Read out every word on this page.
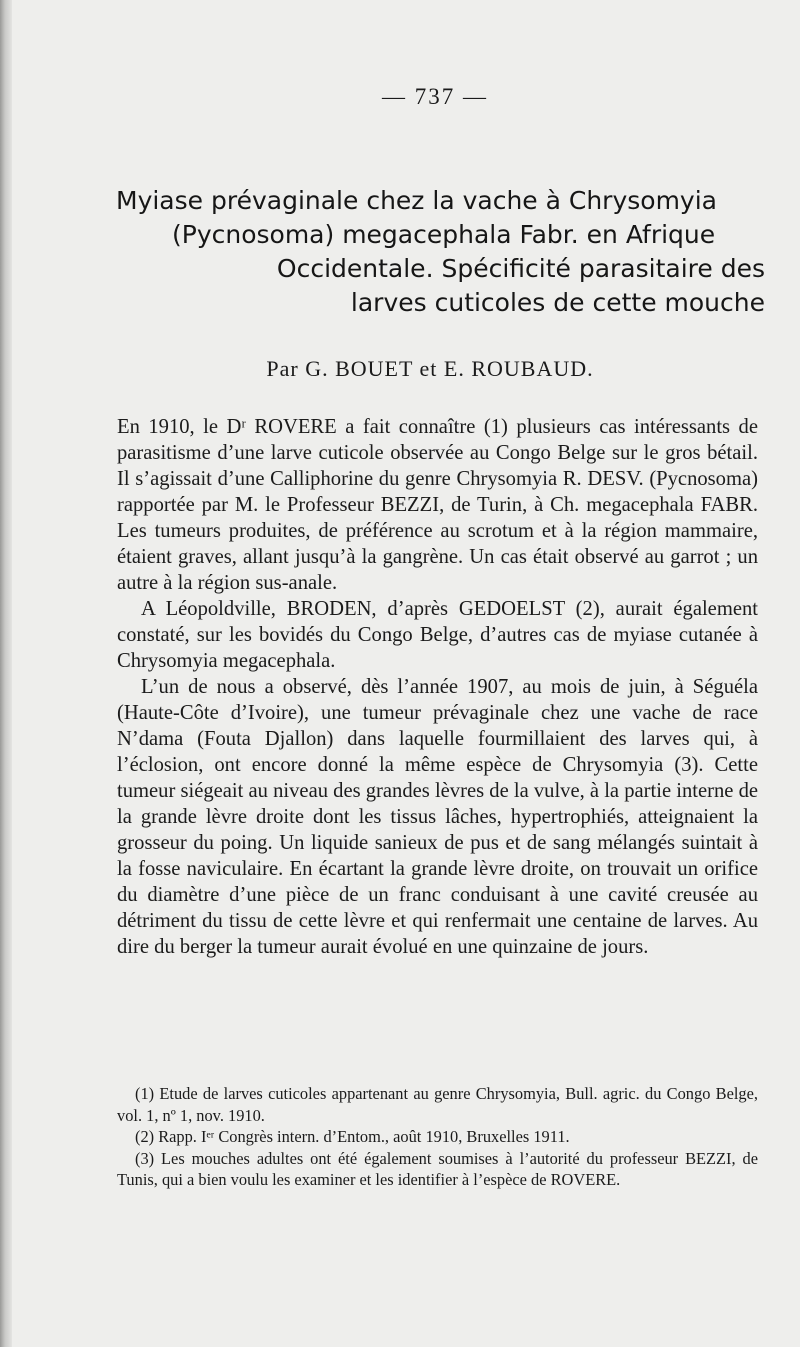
— 737 —
Myiase prévaginale chez la vache à Chrysomyia
(Pycnosoma) megacephala Fabr. en Afrique
Occidentale. Spécificité parasitaire des
larves cuticoles de cette mouche
Par G. BOUET et E. ROUBAUD.

En 1910, le Dʳ ROVERE a fait connaître (1) plusieurs cas intéressants de parasitisme d’une larve cuticole observée au Congo Belge sur le gros bétail. Il s’agissait d’une Calliphorine du genre Chrysomyia R. DESV. (Pycnosoma) rapportée par M. le Professeur BEZZI, de Turin, à Ch. megacephala FABR. Les tumeurs produites, de préférence au scrotum et à la région mammaire, étaient graves, allant jusqu’à la gangrène. Un cas était observé au garrot ; un autre à la région sus-anale.

A Léopoldville, BRODEN, d’après GEDOELST (2), aurait également constaté, sur les bovidés du Congo Belge, d’autres cas de myiase cutanée à Chrysomyia megacephala.

L’un de nous a observé, dès l’année 1907, au mois de juin, à Séguéla (Haute-Côte d’Ivoire), une tumeur prévaginale chez une vache de race N’dama (Fouta Djallon) dans laquelle fourmillaient des larves qui, à l’éclosion, ont encore donné la même espèce de Chrysomyia (3). Cette tumeur siégeait au niveau des grandes lèvres de la vulve, à la partie interne de la grande lèvre droite dont les tissus lâches, hypertrophiés, atteignaient la grosseur du poing. Un liquide sanieux de pus et de sang mélangés suintait à la fosse naviculaire. En écartant la grande lèvre droite, on trouvait un orifice du diamètre d’une pièce de un franc conduisant à une cavité creusée au détriment du tissu de cette lèvre et qui renfermait une centaine de larves. Au dire du berger la tumeur aurait évolué en une quinzaine de jours.

(1) Etude de larves cuticoles appartenant au genre Chrysomyia, Bull. agric. du Congo Belge, vol. 1, nº 1, nov. 1910.

(2) Rapp. Iᵉʳ Congrès intern. d’Entom., août 1910, Bruxelles 1911.

(3) Les mouches adultes ont été également soumises à l’autorité du professeur BEZZI, de Tunis, qui a bien voulu les examiner et les identifier à l’espèce de ROVERE.
